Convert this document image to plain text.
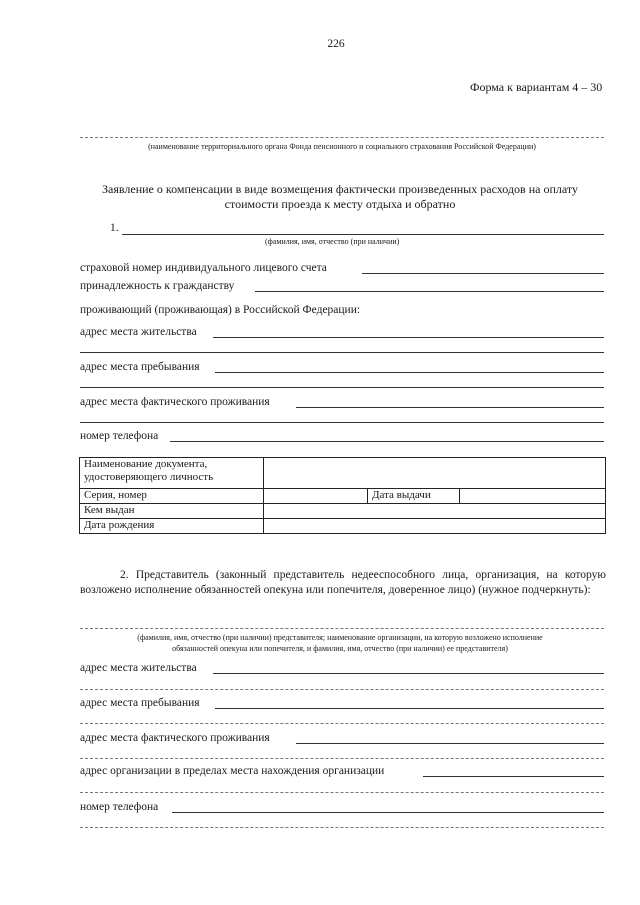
226
Форма к вариантам 4 – 30
(наименование территориального органа Фонда пенсионного и социального страхования Российской Федерации)
Заявление о компенсации в виде возмещения фактически произведенных расходов на оплату
стоимости проезда к месту отдыха и обратно
1.
(фамилия, имя, отчество (при наличии)
страховой номер индивидуального лицевого счета
принадлежность к гражданству
проживающий (проживающая) в Российской Федерации:
адрес места жительства
адрес места пребывания
адрес места фактического проживания
номер телефона
Наименование документа,
удостоверяющего личность			

Серия, номер		Дата выдачи	
Кем выдан			
Дата рождения			
2. Представитель (законный представитель недееспособного лица, организация, на которую возложено исполнение обязанностей опекуна или попечителя, доверенное лицо) (нужное подчеркнуть):
(фамилия, имя, отчество (при наличии) представителя; наименование организации, на которую возложено исполнение
обязанностей опекуна или попечителя, и фамилия, имя, отчество (при наличии) ее представителя)
адрес места жительства
адрес места пребывания
адрес места фактического проживания
адрес организации в пределах места нахождения организации
номер телефона
